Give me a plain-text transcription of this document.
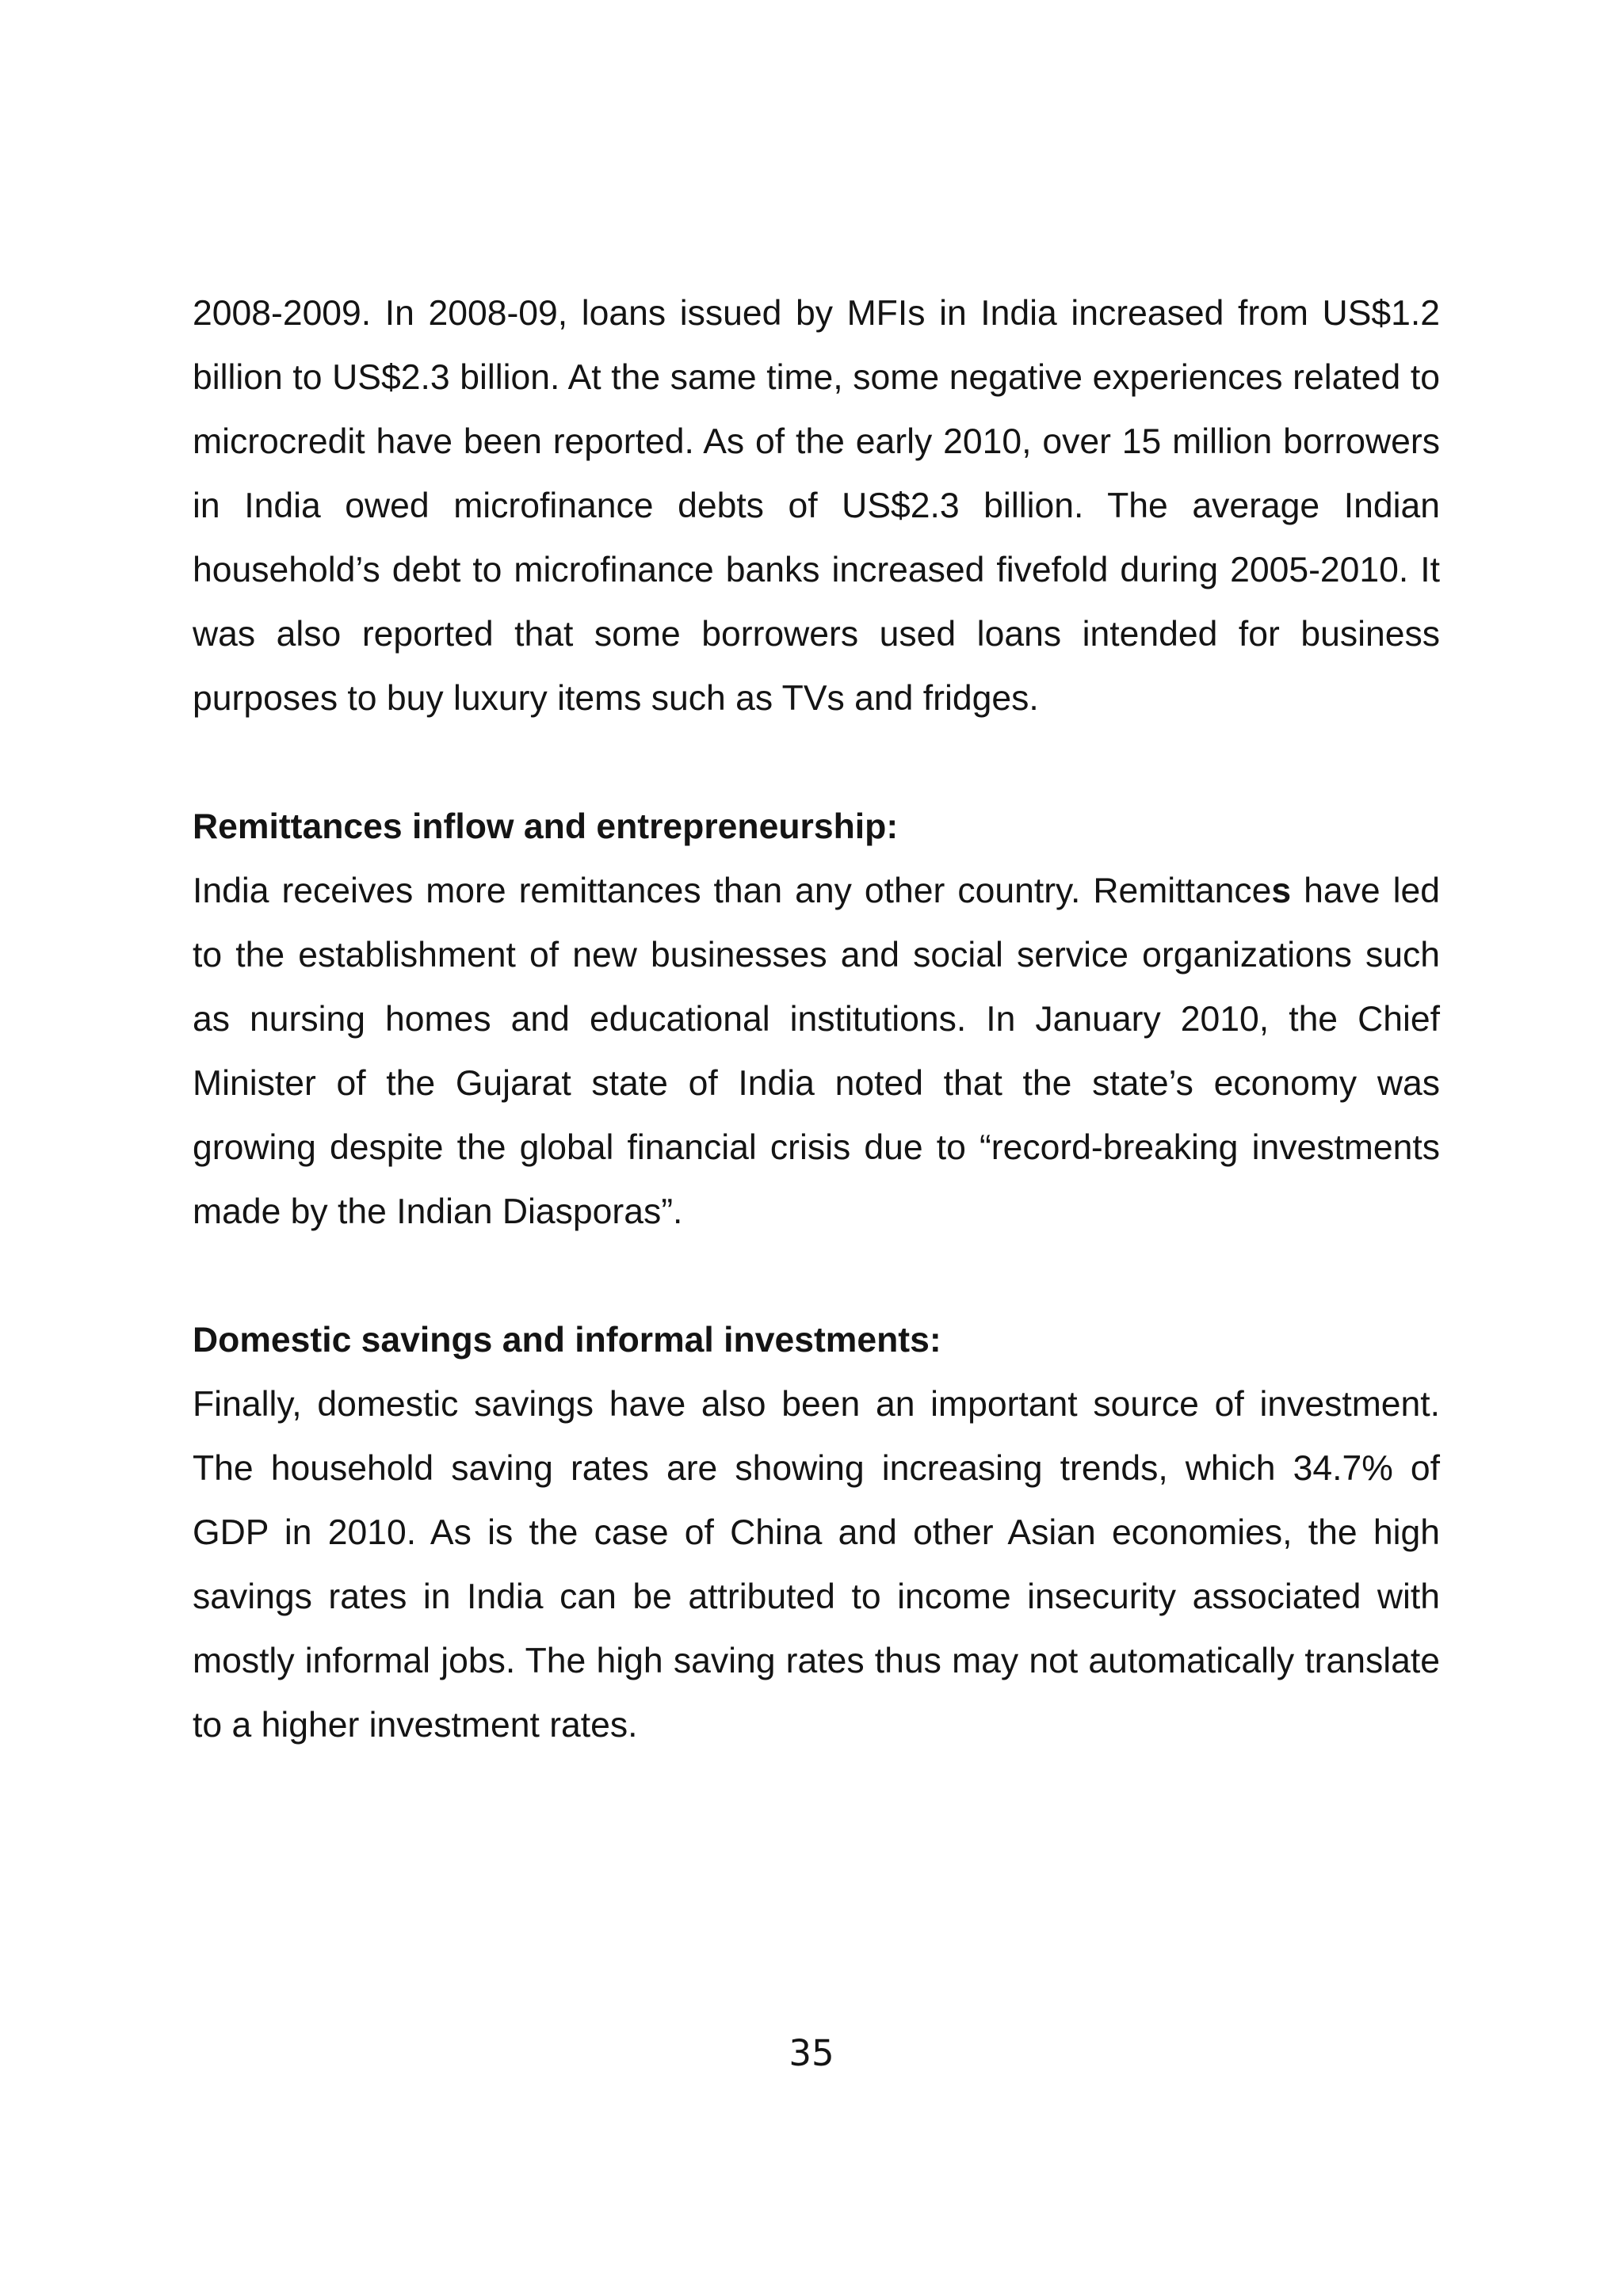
2008-2009. In 2008-09, loans issued by MFIs in India increased from US$1.2 billion to US$2.3 billion. At the same time, some negative experiences related to microcredit have been reported. As of the early 2010, over 15 million borrowers in India owed microfinance debts of US$2.3 billion. The average Indian household’s debt to microfinance banks increased fivefold during 2005-2010. It was also reported that some borrowers used loans intended for business purposes to buy luxury items such as TVs and fridges.

Remittances inflow and entrepreneurship:

India receives more remittances than any other country. Remittances have led to the establishment of new businesses and social service organizations such as nursing homes and educational institutions. In January 2010, the Chief Minister of the Gujarat state of India noted that the state’s economy was growing despite the global financial crisis due to “record-breaking investments made by the Indian Diasporas”.

Domestic savings and informal investments:

Finally, domestic savings have also been an important source of investment. The household saving rates are showing increasing trends, which 34.7% of GDP in 2010. As is the case of China and other Asian economies, the high savings rates in India can be attributed to income insecurity associated with mostly informal jobs. The high saving rates thus may not automatically translate to a higher investment rates.

35
